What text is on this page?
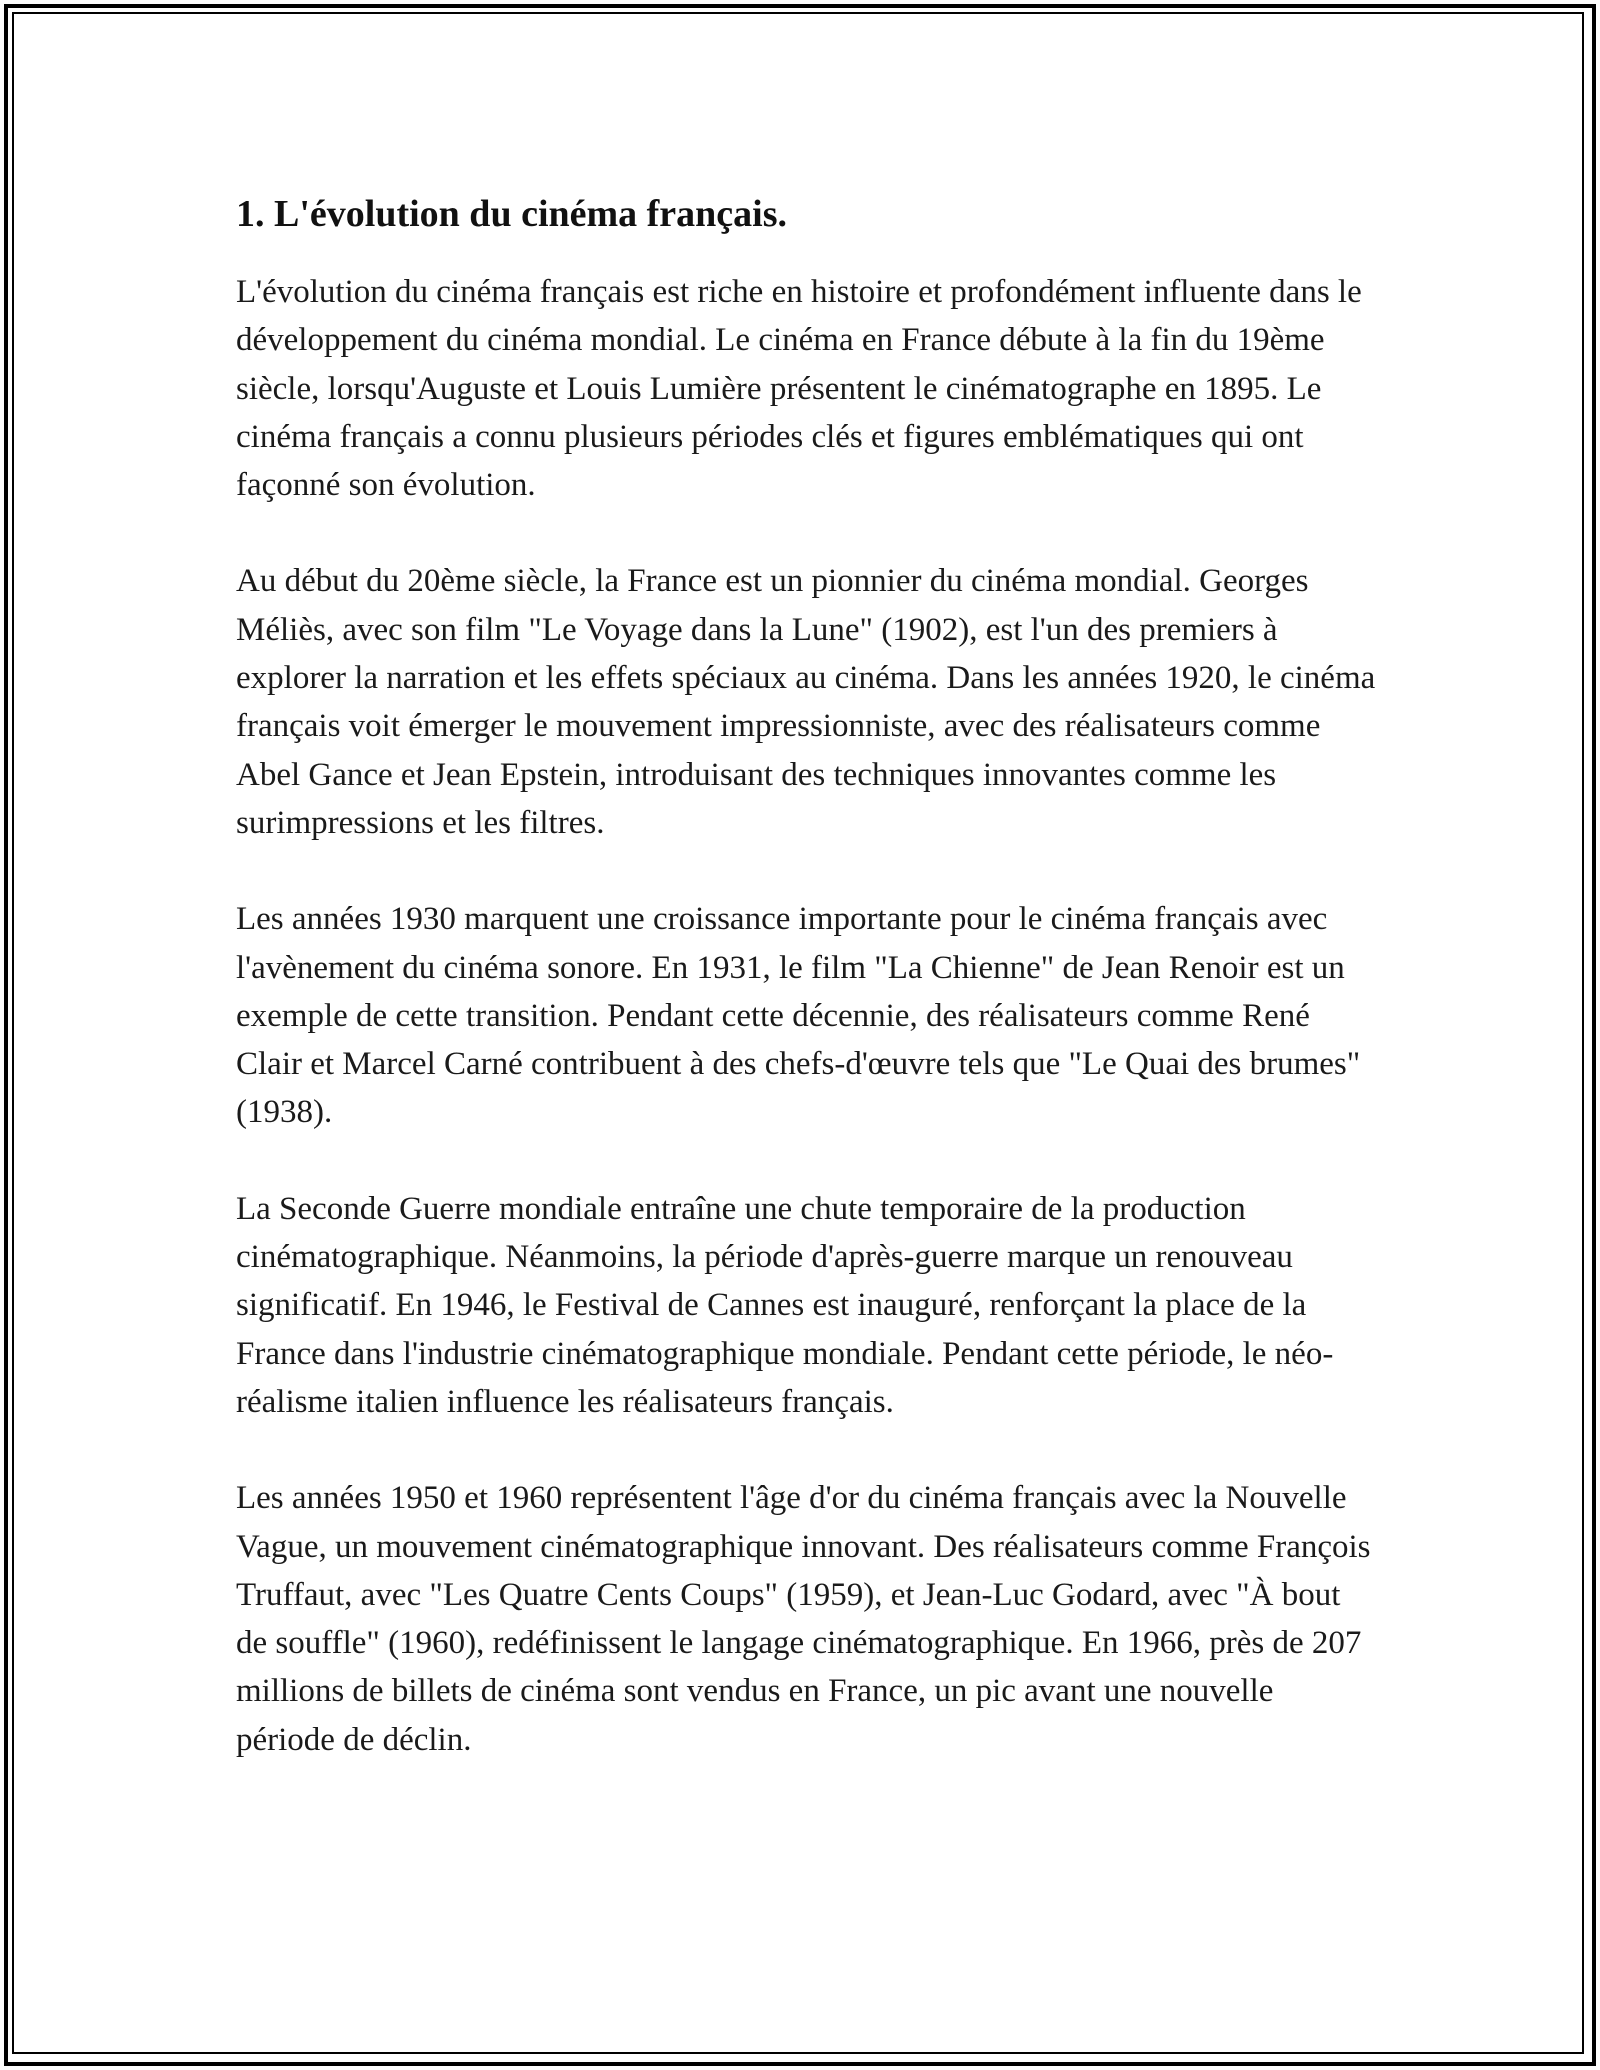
1. L'évolution du cinéma français.

L'évolution du cinéma français est riche en histoire et profondément influente dans le développement du cinéma mondial. Le cinéma en France débute à la fin du 19ème siècle, lorsqu'Auguste et Louis Lumière présentent le cinématographe en 1895. Le cinéma français a connu plusieurs périodes clés et figures emblématiques qui ont façonné son évolution.

Au début du 20ème siècle, la France est un pionnier du cinéma mondial. Georges Méliès, avec son film "Le Voyage dans la Lune" (1902), est l'un des premiers à explorer la narration et les effets spéciaux au cinéma. Dans les années 1920, le cinéma français voit émerger le mouvement impressionniste, avec des réalisateurs comme Abel Gance et Jean Epstein, introduisant des techniques innovantes comme les surimpressions et les filtres.

Les années 1930 marquent une croissance importante pour le cinéma français avec l'avènement du cinéma sonore. En 1931, le film "La Chienne" de Jean Renoir est un exemple de cette transition. Pendant cette décennie, des réalisateurs comme René Clair et Marcel Carné contribuent à des chefs-d'œuvre tels que "Le Quai des brumes" (1938).

La Seconde Guerre mondiale entraîne une chute temporaire de la production cinématographique. Néanmoins, la période d'après-guerre marque un renouveau significatif. En 1946, le Festival de Cannes est inauguré, renforçant la place de la France dans l'industrie cinématographique mondiale. Pendant cette période, le néo-réalisme italien influence les réalisateurs français.

Les années 1950 et 1960 représentent l'âge d'or du cinéma français avec la Nouvelle Vague, un mouvement cinématographique innovant. Des réalisateurs comme François Truffaut, avec "Les Quatre Cents Coups" (1959), et Jean-Luc Godard, avec "À bout de souffle" (1960), redéfinissent le langage cinématographique. En 1966, près de 207 millions de billets de cinéma sont vendus en France, un pic avant une nouvelle période de déclin.
